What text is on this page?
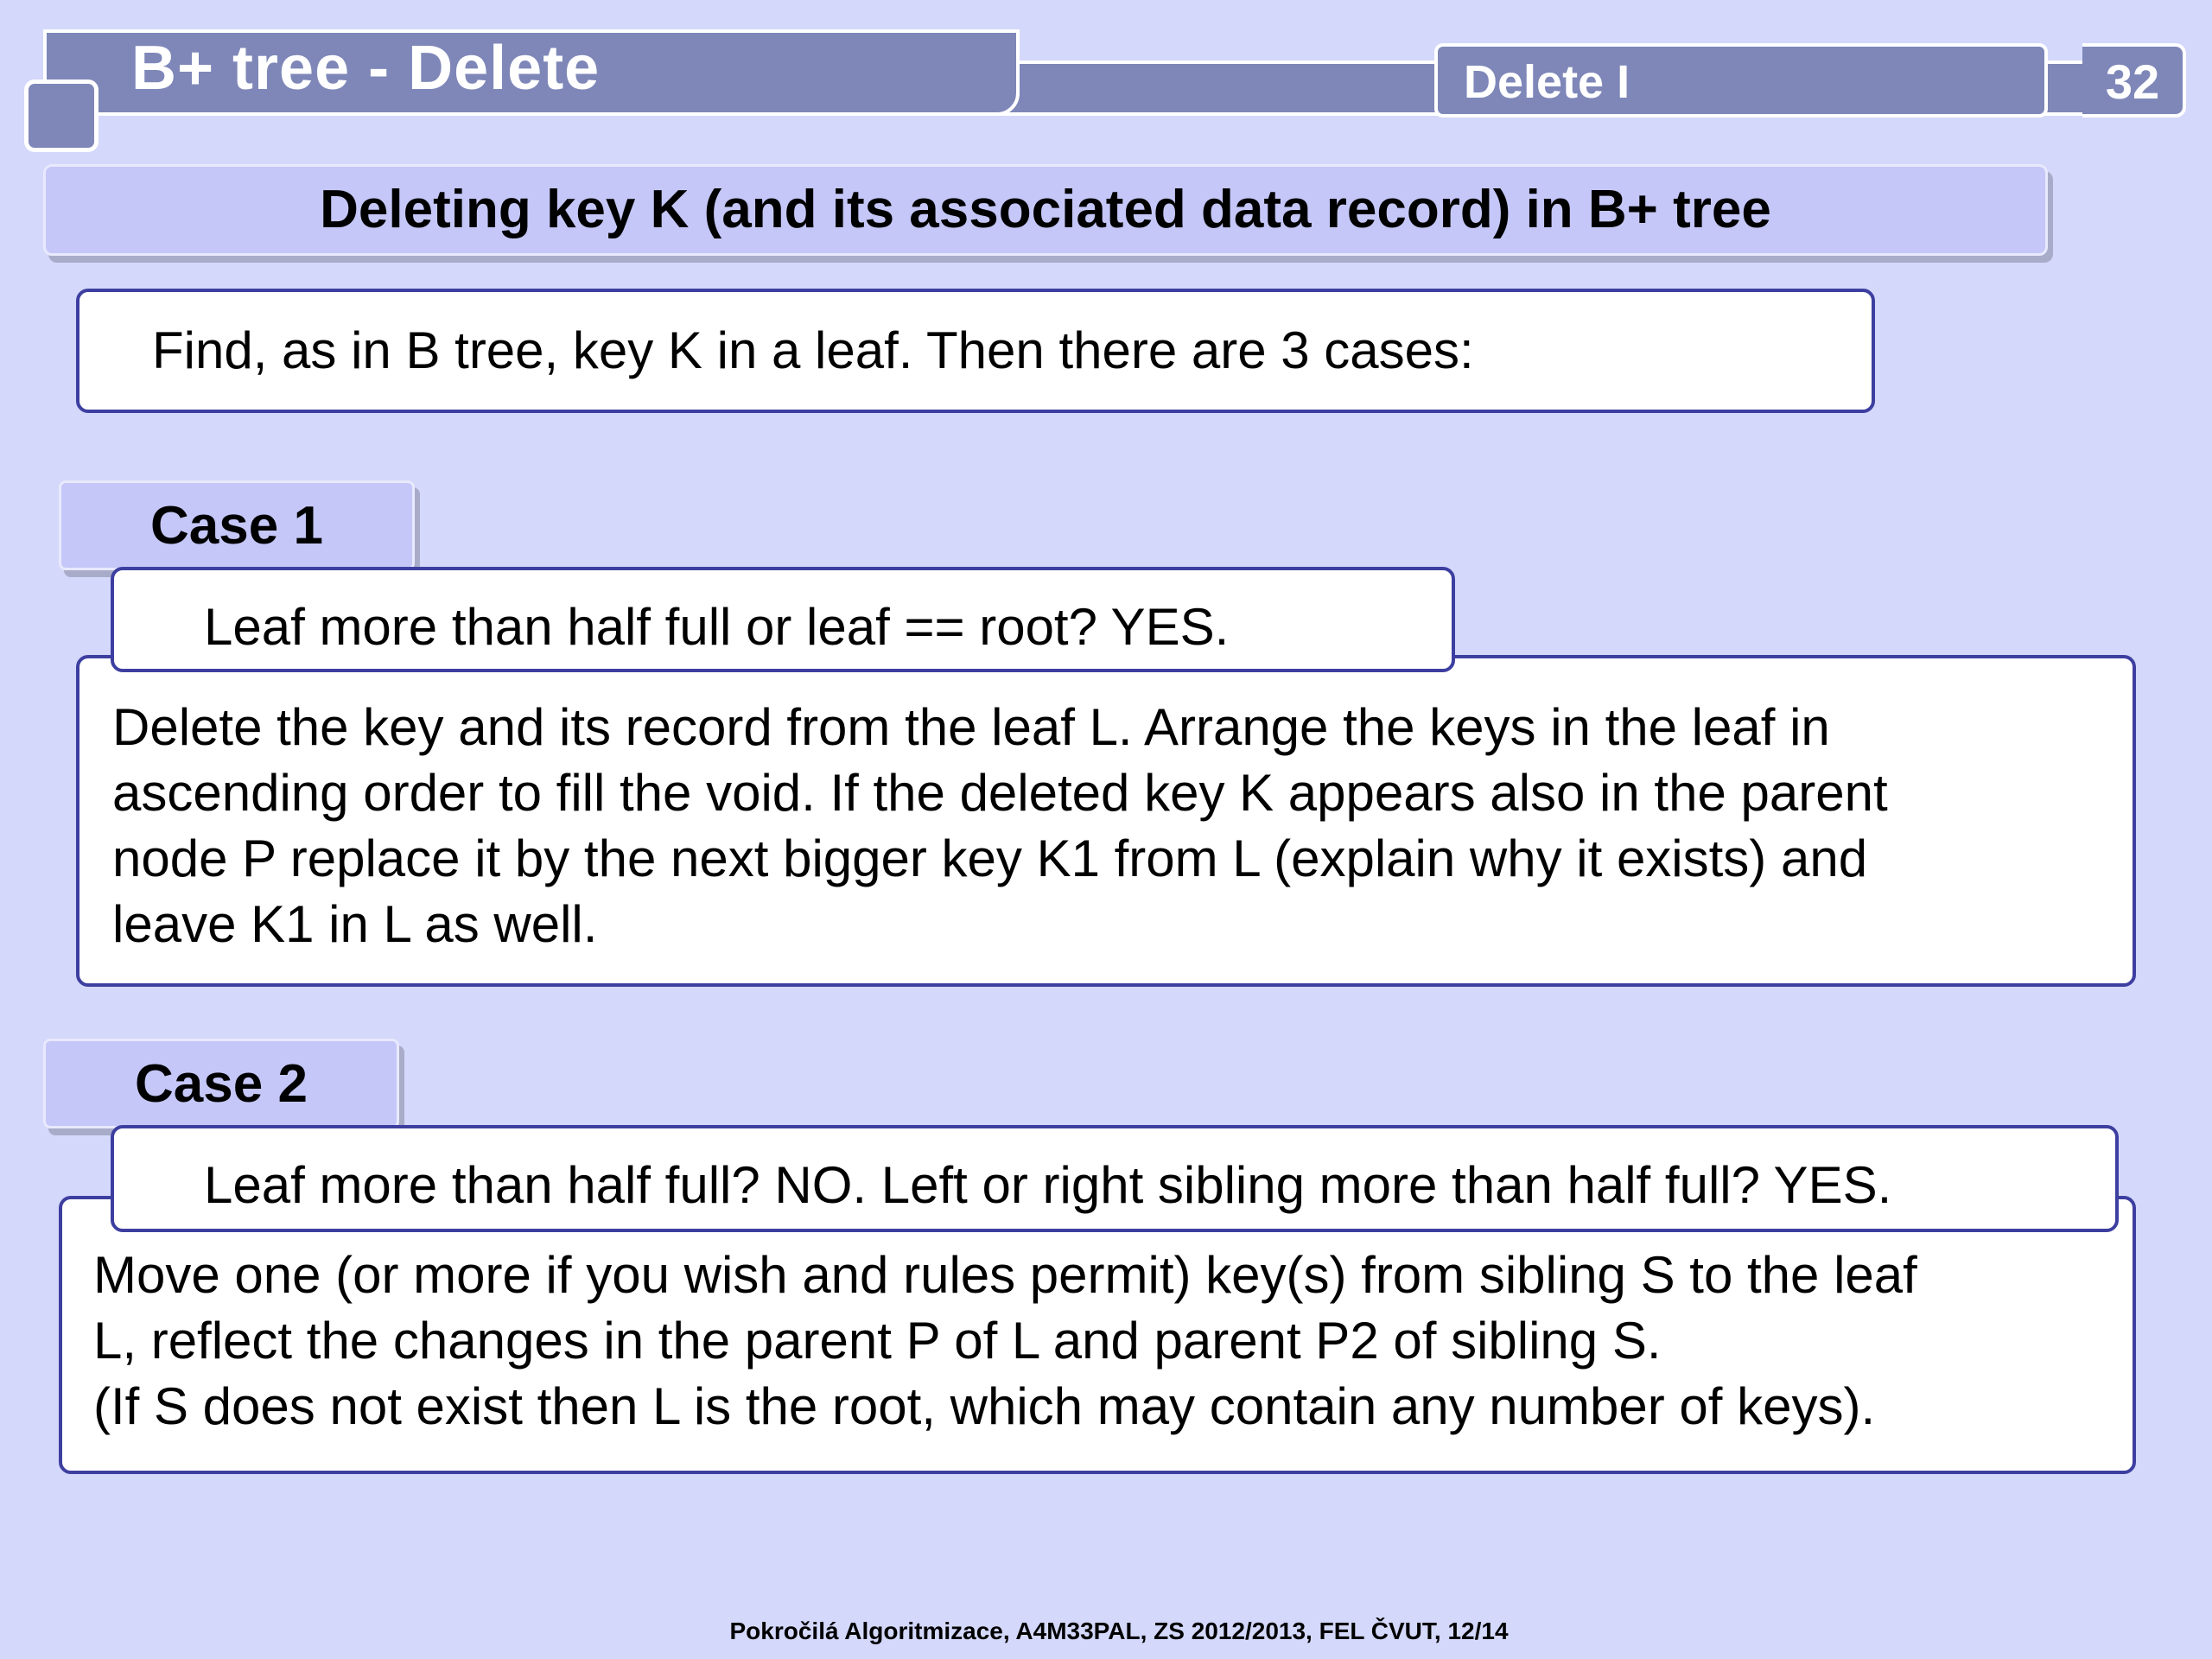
B+ tree - Delete	Delete I	32
Deleting key K (and its associated data record) in B+ tree
Find, as in B tree, key K in a leaf. Then there are 3 cases:
Delete the key and its record from the leaf L. Arrange the keys in the leaf in
ascending order to fill the void. If the deleted key K appears also in the parent
node P replace it by the next bigger key K1 from L (explain why it exists) and
leave K1 in L as well.
Leaf more than half full or leaf == root? YES.
Case 1
Move one (or more if you wish and rules permit) key(s) from sibling S to the leaf
L, reflect the changes in the parent P of L and parent P2 of sibling S.
(If S does not exist then L is the root, which may contain any number of keys).
Leaf more than half full? NO. Left or right sibling more than half full? YES.
Case 2
Pokročilá Algoritmizace, A4M33PAL, ZS 2012/2013, FEL ČVUT, 12/14
